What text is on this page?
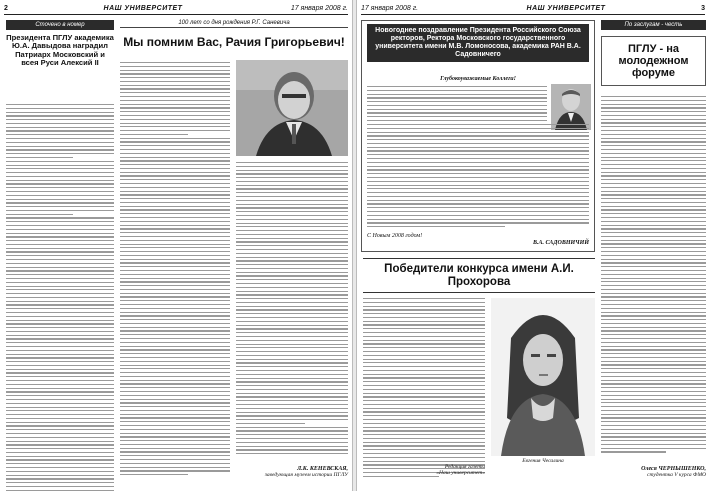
2	НАШ УНИВЕРСИТЕТ	17 января 2008 г.
Сточено в номер
Президента ПГЛУ академика Ю.А. Давыдова наградил Патриарх Московский и всея Руси Алексий II
100 лет со дня рождения Р.Г. Саневича
Мы помним Вас, Рачия Григорьевич!
Л.К. КЕНЕВСКАЯ,
заведующая музеем истории ПГЛУ
17 января 2008 г.	НАШ УНИВЕРСИТЕТ	3
Новогоднее поздравление Президента Российского Союза ректоров, Ректора Московского государственного университета имени М.В. Ломоносова, академика РАН В.А. Садовничего
Глубокоуважаемые Коллеги!
С Новым 2008 годом!
В.А. САДОВНИЧИЙ
Победители конкурса имени А.И. Прохорова
Евгения Чесалина
Редакция газеты
«Наш университет»
По заслугам - честь
ПГЛУ - на молодежном форуме
Олеся ЧЕРНЫШЕНКО,
студентка V курса ФМО
